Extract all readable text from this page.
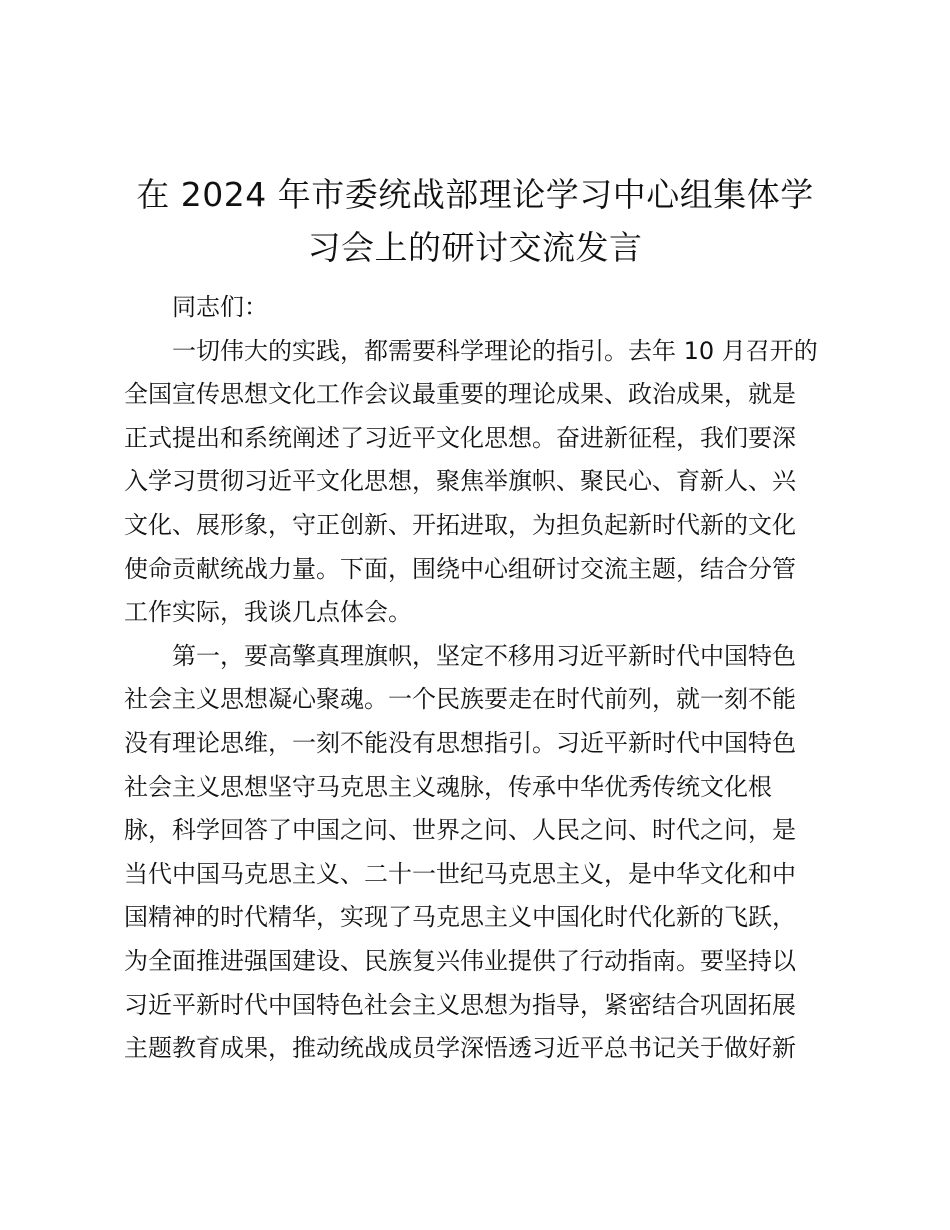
在 2024 年市委统战部理论学习中心组集体学
习会上的研讨交流发言
同志们：
一切伟大的实践，都需要科学理论的指引。去年 10 月召开的
全国宣传思想文化工作会议最重要的理论成果、政治成果，就是
正式提出和系统阐述了习近平文化思想。奋进新征程，我们要深
入学习贯彻习近平文化思想，聚焦举旗帜、聚民心、育新人、兴
文化、展形象，守正创新、开拓进取，为担负起新时代新的文化
使命贡献统战力量。下面，围绕中心组研讨交流主题，结合分管
工作实际，我谈几点体会。
第一，要高擎真理旗帜，坚定不移用习近平新时代中国特色
社会主义思想凝心聚魂。一个民族要走在时代前列，就一刻不能
没有理论思维，一刻不能没有思想指引。习近平新时代中国特色
社会主义思想坚守马克思主义魂脉，传承中华优秀传统文化根
脉，科学回答了中国之问、世界之问、人民之问、时代之问，是
当代中国马克思主义、二十一世纪马克思主义，是中华文化和中
国精神的时代精华，实现了马克思主义中国化时代化新的飞跃，
为全面推进强国建设、民族复兴伟业提供了行动指南。要坚持以
习近平新时代中国特色社会主义思想为指导，紧密结合巩固拓展
主题教育成果，推动统战成员学深悟透习近平总书记关于做好新
